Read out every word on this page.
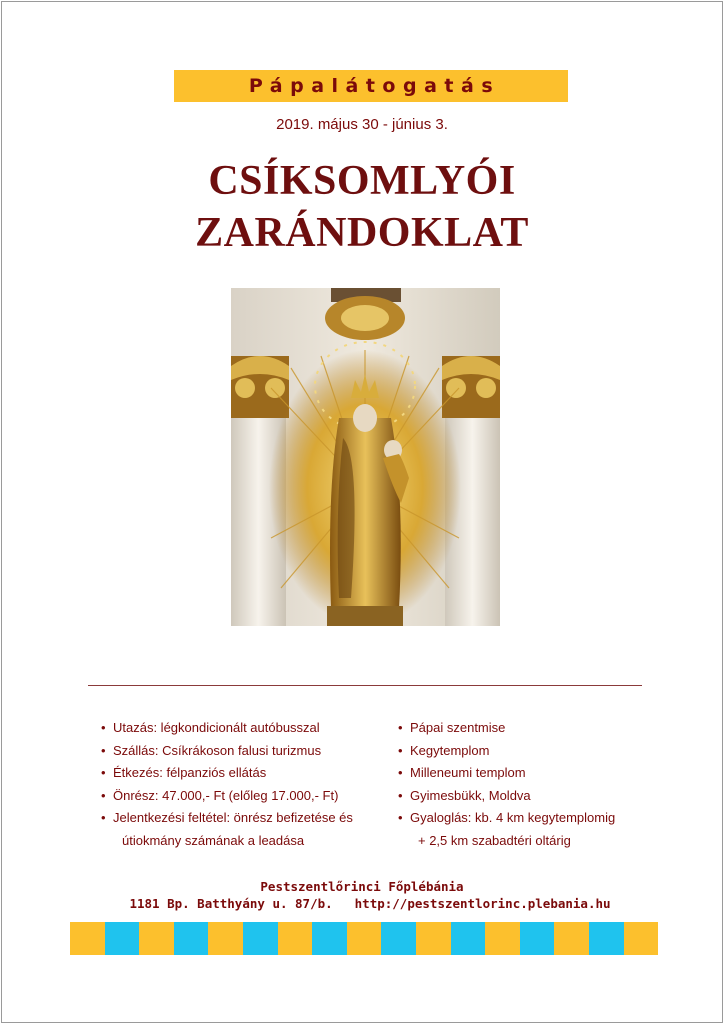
Pápalátogatás
2019. május 30 - június 3.
CSÍKSOMLYÓI
ZARÁNDOKLAT
• Utazás: légkondicionált autóbusszal
• Szállás: Csíkrákoson falusi turizmus
• Étkezés: félpanziós ellátás
• Önrész: 47.000,- Ft (előleg 17.000,- Ft)
• Jelentkezési feltétel: önrész befizetése és
útiokmány számának a leadása
• Pápai szentmise
• Kegytemplom
• Milleneumi templom
• Gyimesbükk, Moldva
• Gyaloglás: kb. 4 km kegytemplomig
+ 2,5 km szabadtéri oltárig
Pestszentlőrinci Főplébánia
1181 Bp. Batthyány u. 87/b. http://pestszentlorinc.plebania.hu
